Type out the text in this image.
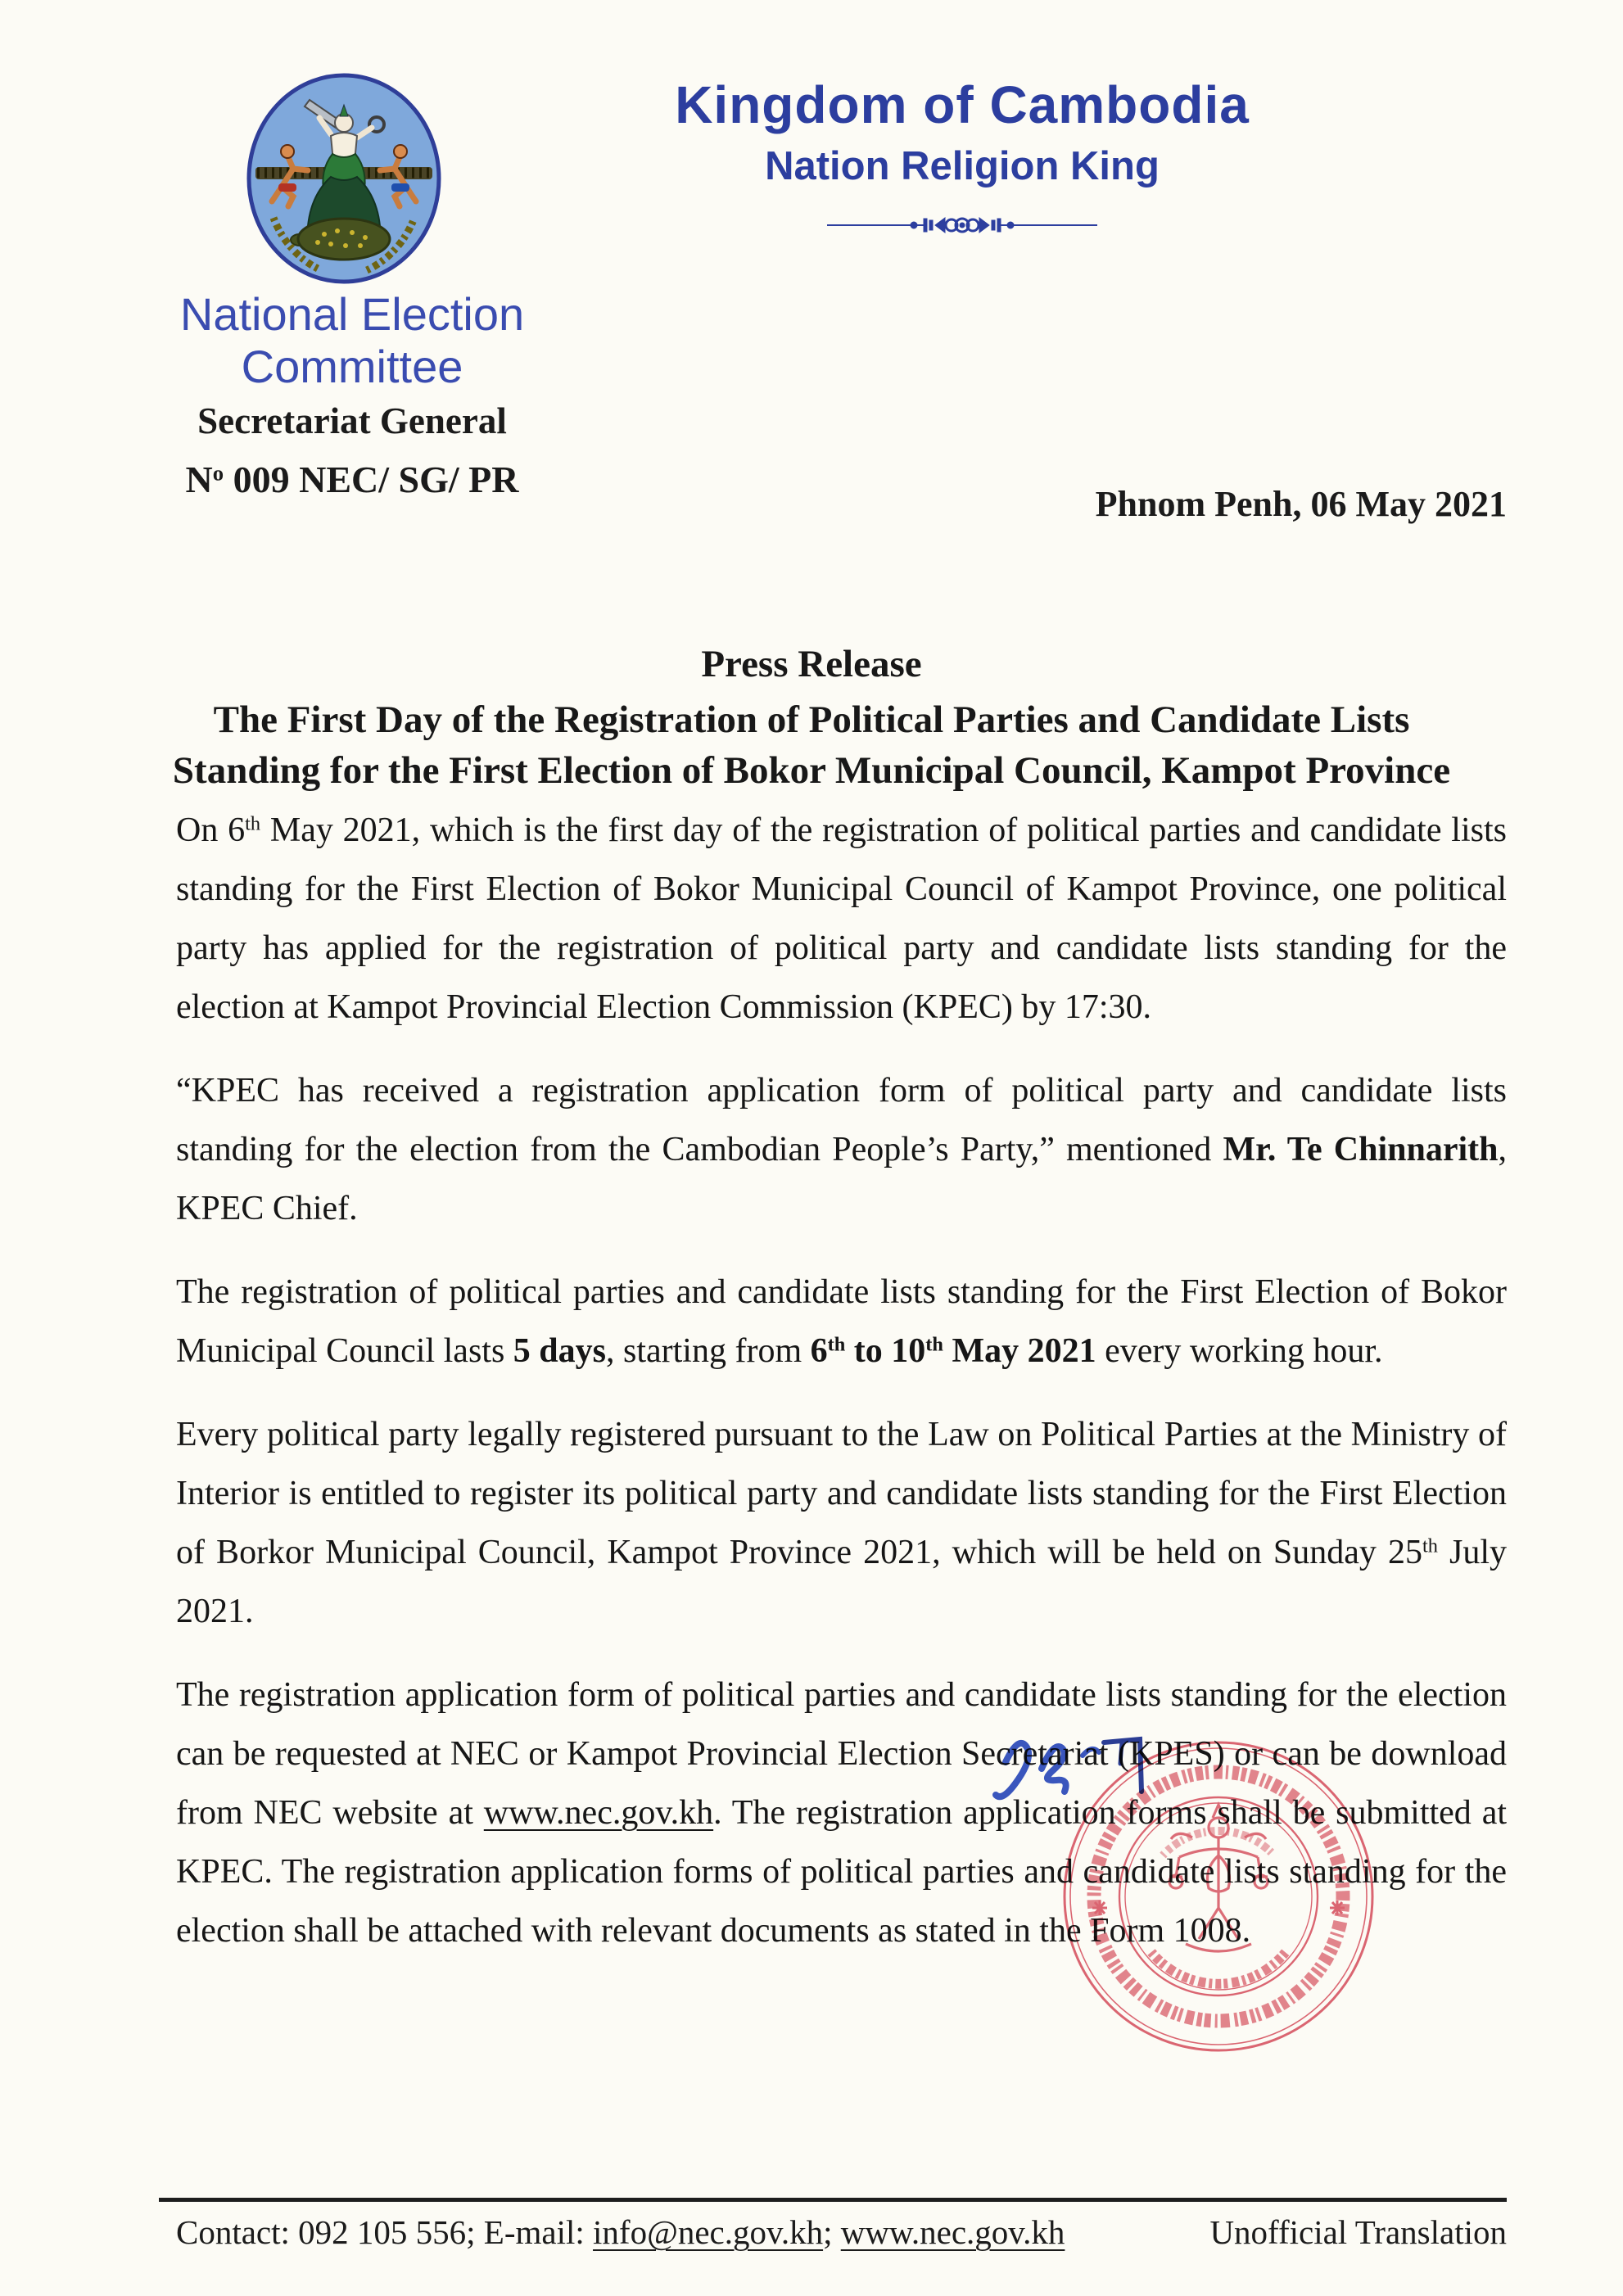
Kingdom of Cambodia
Nation Religion King
National Election Committee
Secretariat General
$N^o$ 009 NEC/ SG/ PR
Phnom Penh, 06 May 2021
Press Release
The First Day of the Registration of Political Parties and Candidate Lists
Standing for the First Election of Bokor Municipal Council, Kampot Province

On 6th May 2021, which is the first day of the registration of political parties and candidate lists standing for the First Election of Bokor Municipal Council of Kampot Province, one political party has applied for the registration of political party and candidate lists standing for the election at Kampot Provincial Election Commission (KPEC) by 17:30.

“KPEC has received a registration application form of political party and candidate lists standing for the election from the Cambodian People’s Party,” mentioned Mr. Te Chinnarith, KPEC Chief.

The registration of political parties and candidate lists standing for the First Election of Bokor Municipal Council lasts 5 days, starting from 6th to 10th May 2021 every working hour.

Every political party legally registered pursuant to the Law on Political Parties at the Ministry of Interior is entitled to register its political party and candidate lists standing for the First Election of Borkor Municipal Council, Kampot Province 2021, which will be held on Sunday 25th July 2021.

The registration application form of political parties and candidate lists standing for the election can be requested at NEC or Kampot Provincial Election Secretariat (KPES) or can be download from NEC website at www.nec.gov.kh. The registration application forms shall be submitted at KPEC. The registration application forms of political parties and candidate lists standing for the election shall be attached with relevant documents as stated in the Form 1008.

Contact: 092 105 556; E-mail: info@nec.gov.kh; www.nec.gov.kh	Unofficial Translation
